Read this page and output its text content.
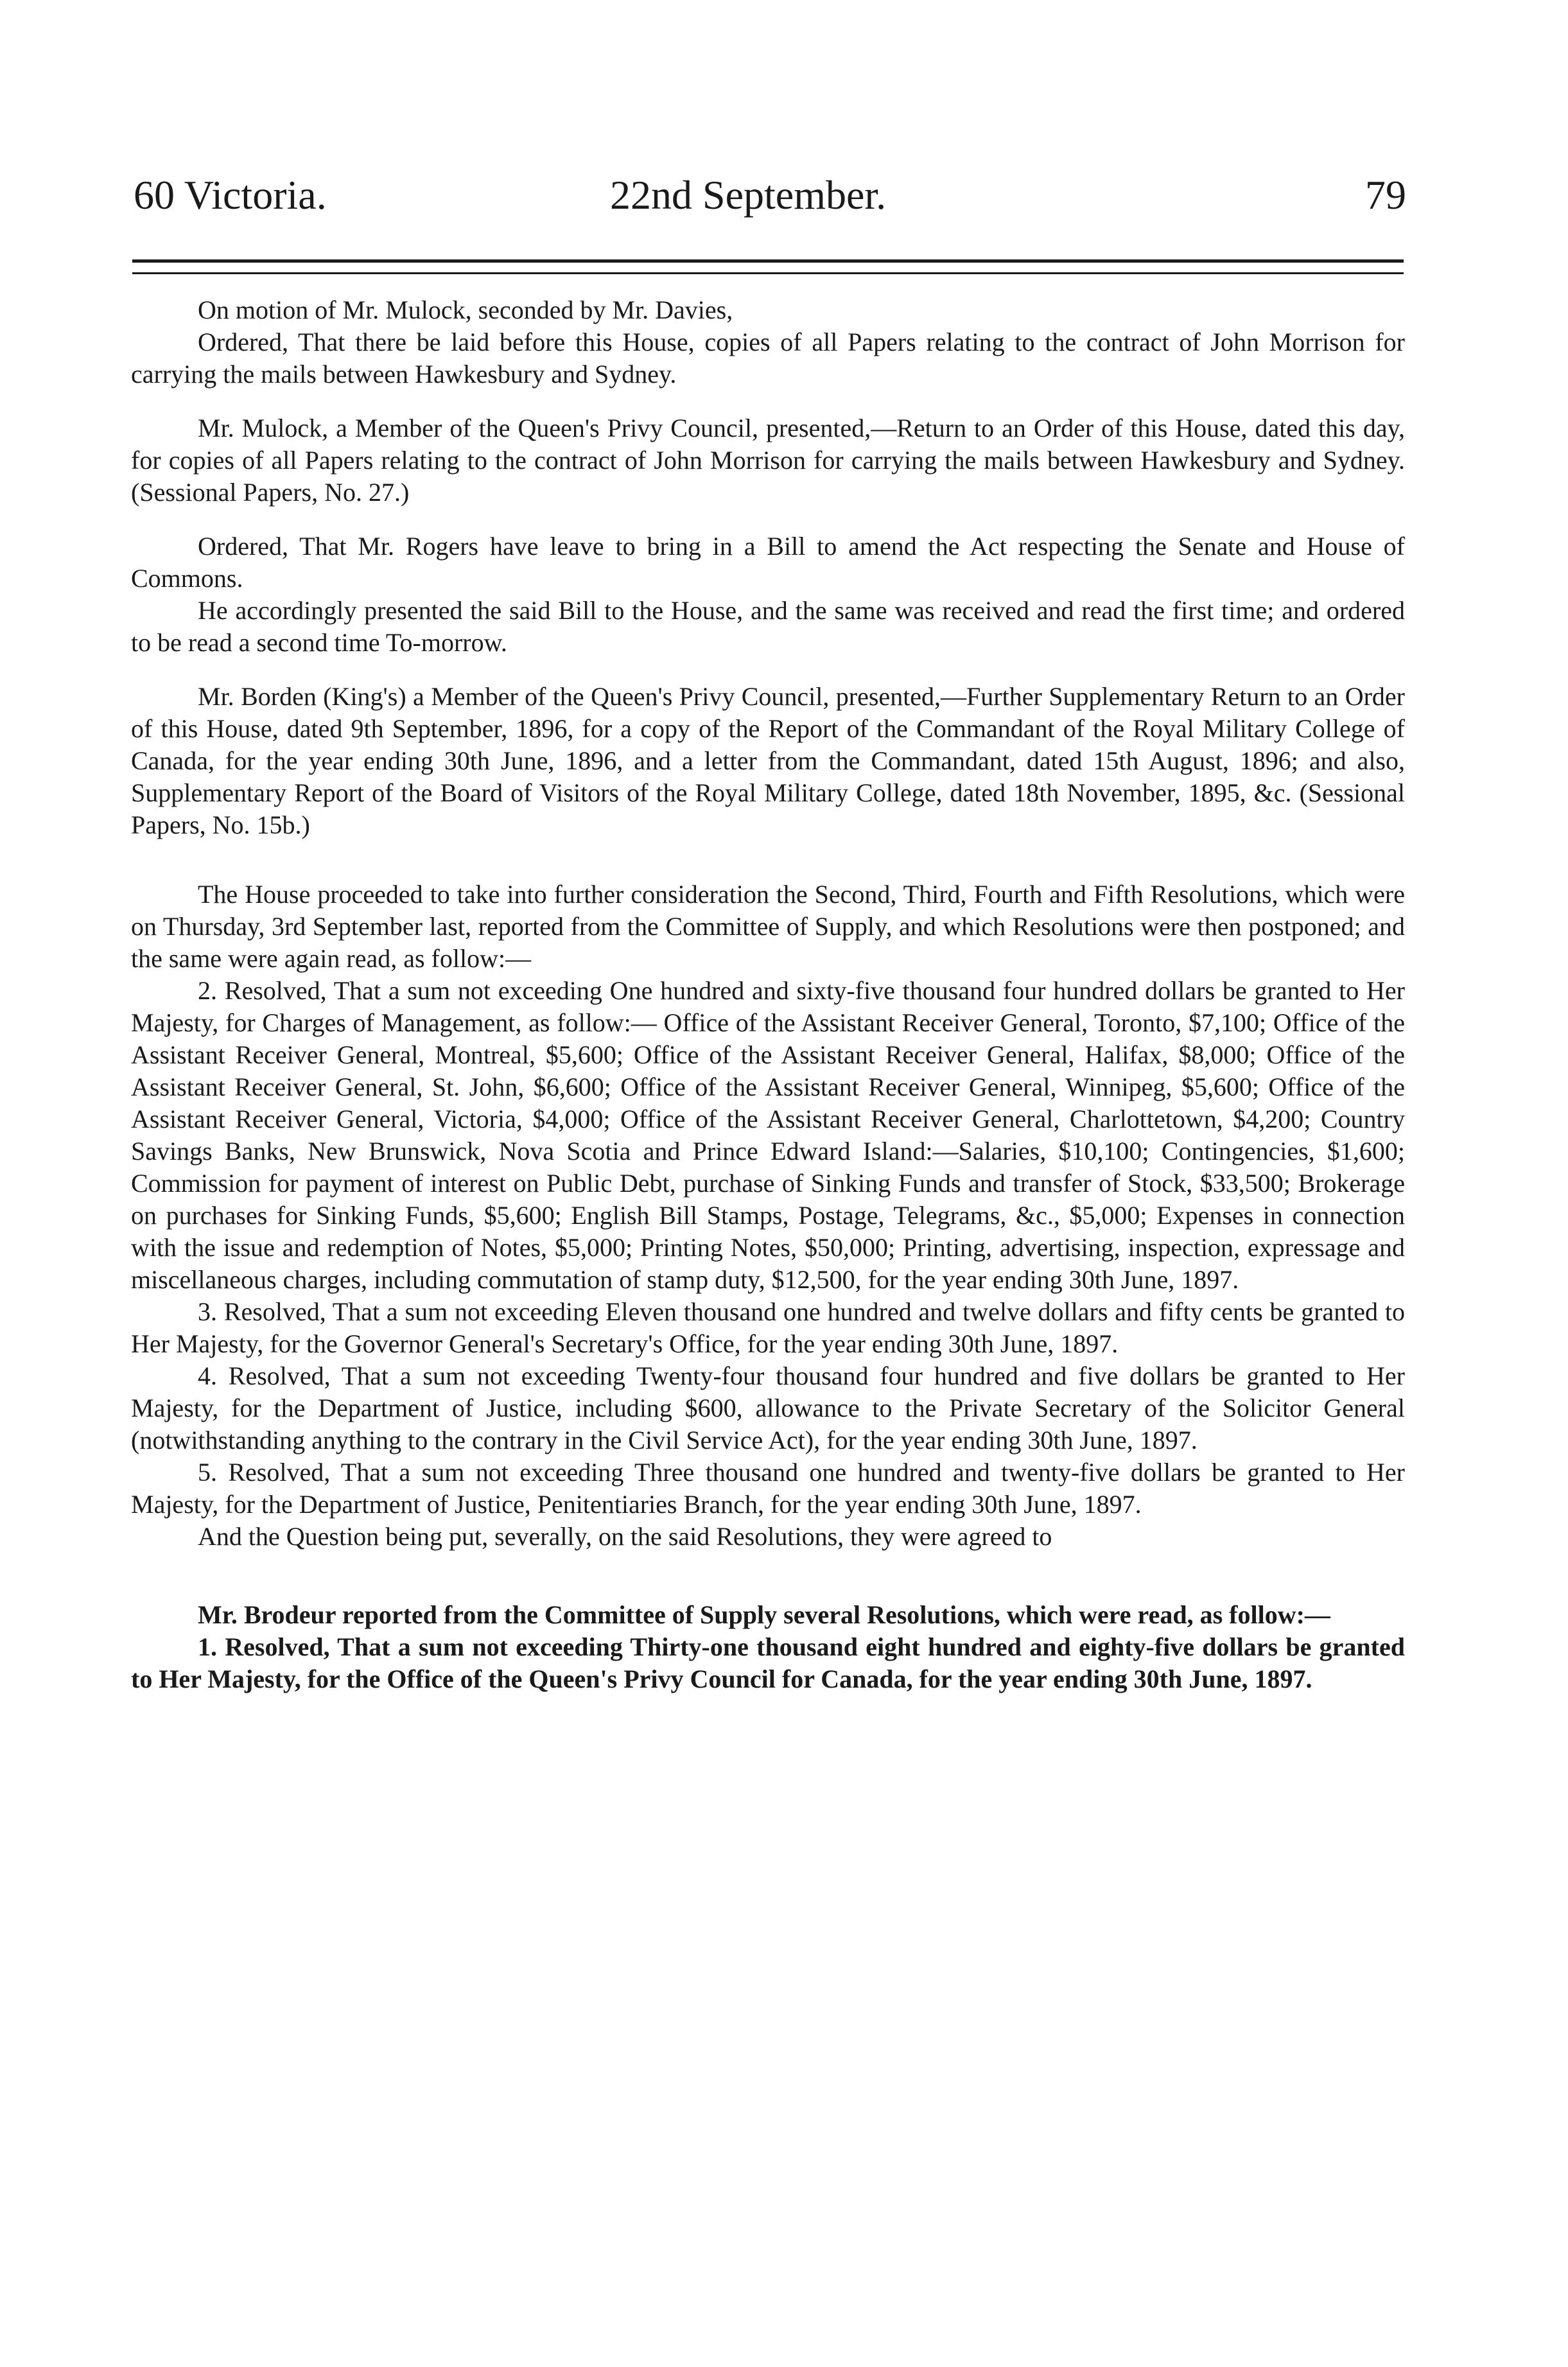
60 Victoria.	22nd September.	79

On motion of Mr. Mulock, seconded by Mr. Davies,

Ordered, That there be laid before this House, copies of all Papers relating to the contract of John Morrison for carrying the mails between Hawkesbury and Sydney.

Mr. Mulock, a Member of the Queen's Privy Council, presented,—Return to an Order of this House, dated this day, for copies of all Papers relating to the contract of John Morrison for carrying the mails between Hawkesbury and Sydney. (Sessional Papers, No. 27.)

Ordered, That Mr. Rogers have leave to bring in a Bill to amend the Act respecting the Senate and House of Commons.

He accordingly presented the said Bill to the House, and the same was received and read the first time; and ordered to be read a second time To-morrow.

Mr. Borden (King's) a Member of the Queen's Privy Council, presented,—Further Supplementary Return to an Order of this House, dated 9th September, 1896, for a copy of the Report of the Commandant of the Royal Military College of Canada, for the year ending 30th June, 1896, and a letter from the Commandant, dated 15th August, 1896; and also, Supplementary Report of the Board of Visitors of the Royal Military College, dated 18th November, 1895, &c. (Sessional Papers, No. 15b.)

The House proceeded to take into further consideration the Second, Third, Fourth and Fifth Resolutions, which were on Thursday, 3rd September last, reported from the Committee of Supply, and which Resolutions were then postponed; and the same were again read, as follow:—

2. Resolved, That a sum not exceeding One hundred and sixty-five thousand four hundred dollars be granted to Her Majesty, for Charges of Management, as follow:— Office of the Assistant Receiver General, Toronto, $7,100; Office of the Assistant Receiver General, Montreal, $5,600; Office of the Assistant Receiver General, Halifax, $8,000; Office of the Assistant Receiver General, St. John, $6,600; Office of the Assistant Receiver General, Winnipeg, $5,600; Office of the Assistant Receiver General, Victoria, $4,000; Office of the Assistant Receiver General, Charlottetown, $4,200; Country Savings Banks, New Brunswick, Nova Scotia and Prince Edward Island:—Salaries, $10,100; Contingencies, $1,600; Commission for payment of interest on Public Debt, purchase of Sinking Funds and transfer of Stock, $33,500; Brokerage on purchases for Sinking Funds, $5,600; English Bill Stamps, Postage, Telegrams, &c., $5,000; Expenses in connection with the issue and redemption of Notes, $5,000; Printing Notes, $50,000; Printing, advertising, inspection, expressage and miscellaneous charges, including commutation of stamp duty, $12,500, for the year ending 30th June, 1897.

3. Resolved, That a sum not exceeding Eleven thousand one hundred and twelve dollars and fifty cents be granted to Her Majesty, for the Governor General's Secretary's Office, for the year ending 30th June, 1897.

4. Resolved, That a sum not exceeding Twenty-four thousand four hundred and five dollars be granted to Her Majesty, for the Department of Justice, including $600, allowance to the Private Secretary of the Solicitor General (notwithstanding anything to the contrary in the Civil Service Act), for the year ending 30th June, 1897.

5. Resolved, That a sum not exceeding Three thousand one hundred and twenty-five dollars be granted to Her Majesty, for the Department of Justice, Penitentiaries Branch, for the year ending 30th June, 1897.

And the Question being put, severally, on the said Resolutions, they were agreed to

Mr. Brodeur reported from the Committee of Supply several Resolutions, which were read, as follow:—

1. Resolved, That a sum not exceeding Thirty-one thousand eight hundred and eighty-five dollars be granted to Her Majesty, for the Office of the Queen's Privy Council for Canada, for the year ending 30th June, 1897.
